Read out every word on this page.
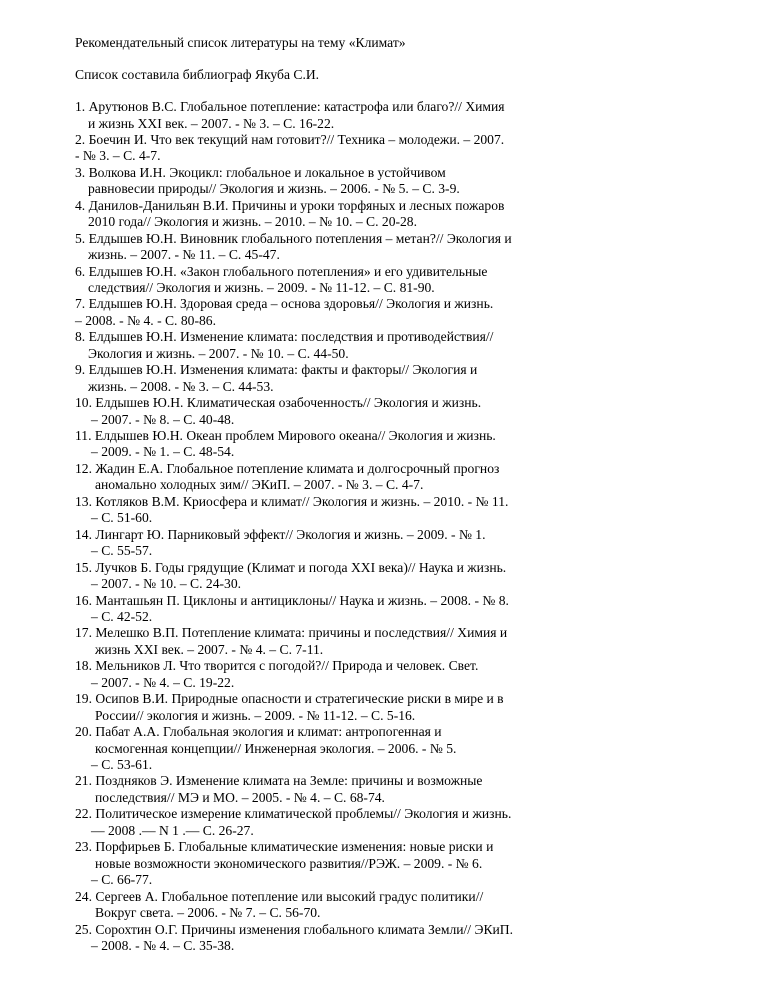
Рекомендательный список литературы на тему «Климат»
Список составила библиограф Якуба С.И.
1. Арутюнов В.С. Глобальное потепление: катастрофа или благо?// Химия
и жизнь XXI век. – 2007. - № 3. – С. 16-22.
2. Боечин И. Что век текущий нам готовит?// Техника – молодежи. – 2007.
- № 3. – С. 4-7.
3. Волкова И.Н. Экоцикл: глобальное и локальное в устойчивом
равновесии природы// Экология и жизнь. – 2006. - № 5. – С. 3-9.
4. Данилов-Данильян В.И. Причины и уроки торфяных и лесных пожаров
2010 года// Экология и жизнь. – 2010. – № 10. – С. 20-28.
5. Елдышев Ю.Н. Виновник глобального потепления – метан?// Экология и
жизнь. – 2007. - № 11. – С. 45-47.
6. Елдышев Ю.Н. «Закон глобального потепления» и его удивительные
следствия// Экология и жизнь. – 2009. - № 11-12. – С. 81-90.
7. Елдышев Ю.Н. Здоровая среда – основа здоровья// Экология и жизнь.
– 2008. - № 4. - С. 80-86.
8. Елдышев Ю.Н. Изменение климата: последствия и противодействия//
Экология и жизнь. – 2007. - № 10. – С. 44-50.
9. Елдышев Ю.Н. Изменения климата: факты и факторы// Экология и
жизнь. – 2008. - № 3. – С. 44-53.
10. Елдышев Ю.Н. Климатическая озабоченность// Экология и жизнь.
– 2007. - № 8. – С. 40-48.
11. Елдышев Ю.Н. Океан проблем Мирового океана// Экология и жизнь.
– 2009. - № 1. – С. 48-54.
12. Жадин Е.А. Глобальное потепление климата и долгосрочный прогноз
аномально холодных зим// ЭКиП. – 2007. - № 3. – С. 4-7.
13. Котляков В.М. Криосфера и климат// Экология и жизнь. – 2010. - № 11.
– С. 51-60.
14. Лингарт Ю. Парниковый эффект// Экология и жизнь. – 2009. - № 1.
– С. 55-57.
15. Лучков Б. Годы грядущие (Климат и погода XXI века)// Наука и жизнь.
– 2007. - № 10. – С. 24-30.
16. Манташьян П. Циклоны и антициклоны// Наука и жизнь. – 2008. - № 8.
– С. 42-52.
17. Мелешко В.П. Потепление климата: причины и последствия// Химия и
жизнь XXI век. – 2007. - № 4. – С. 7-11.
18. Мельников Л. Что творится с погодой?// Природа и человек. Свет.
– 2007. - № 4. – С. 19-22.
19. Осипов В.И. Природные опасности и стратегические риски в мире и в
России// экология и жизнь. – 2009. - № 11-12. – С. 5-16.
20. Пабат А.А. Глобальная экология и климат: антропогенная и
космогенная концепции// Инженерная экология. – 2006. - № 5.
– С. 53-61.
21. Поздняков Э. Изменение климата на Земле: причины и возможные
последствия// МЭ и МО. – 2005. - № 4. – С. 68-74.
22. Политическое измерение климатической проблемы// Экология и жизнь.
— 2008 .— N 1 .— С. 26-27.
23. Порфирьев Б. Глобальные климатические изменения: новые риски и
новые возможности экономического развития//РЭЖ. – 2009. - № 6.
– С. 66-77.
24. Сергеев А. Глобальное потепление или высокий градус политики//
Вокруг света. – 2006. - № 7. – С. 56-70.
25. Сорохтин О.Г. Причины изменения глобального климата Земли// ЭКиП.
– 2008. - № 4. – С. 35-38.
